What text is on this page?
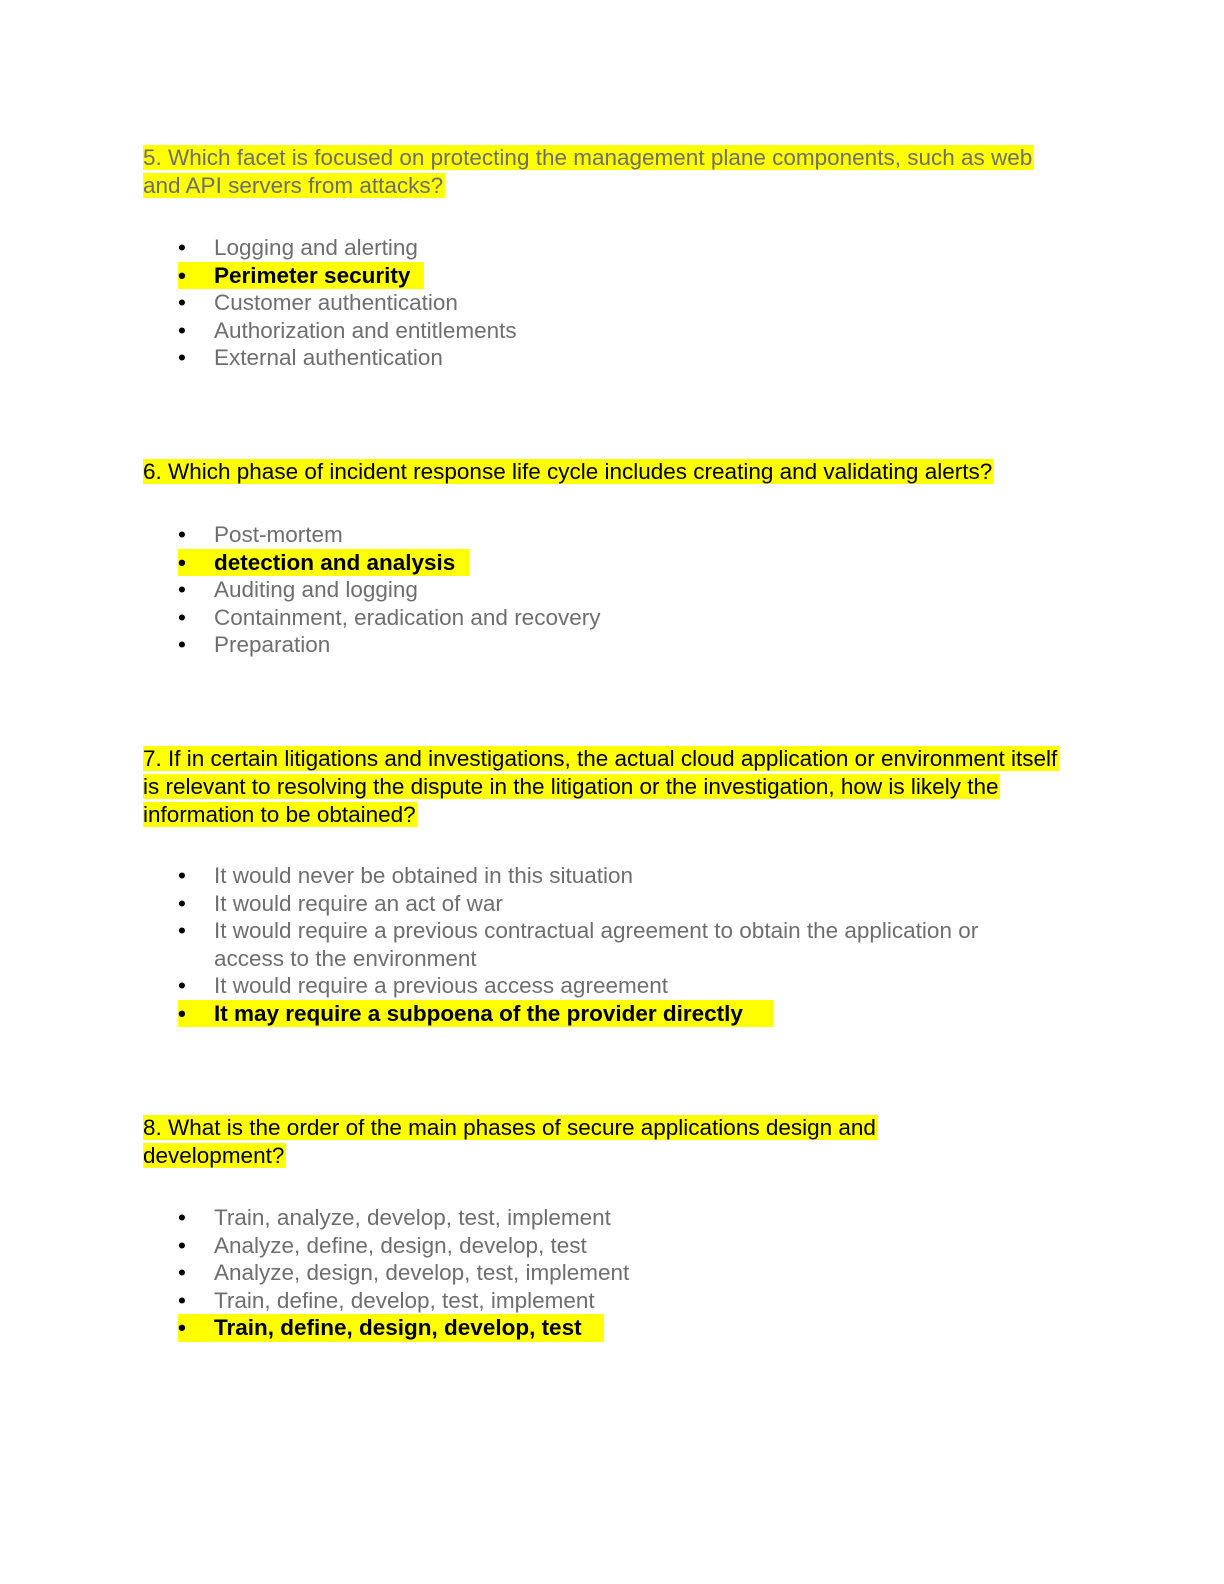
5. Which facet is focused on protecting the management plane components, such as web and API servers from attacks?

• Logging and alerting
• Perimeter security
• Customer authentication
• Authorization and entitlements
• External authentication

6. Which phase of incident response life cycle includes creating and validating alerts?

• Post-mortem
• detection and analysis
• Auditing and logging
• Containment, eradication and recovery
• Preparation

7. If in certain litigations and investigations, the actual cloud application or environment itself is relevant to resolving the dispute in the litigation or the investigation, how is likely the information to be obtained?

• It would never be obtained in this situation
• It would require an act of war
• It would require a previous contractual agreement to obtain the application or access to the environment
• It would require a previous access agreement
• It may require a subpoena of the provider directly

8. What is the order of the main phases of secure applications design and development?

• Train, analyze, develop, test, implement
• Analyze, define, design, develop, test
• Analyze, design, develop, test, implement
• Train, define, develop, test, implement
• Train, define, design, develop, test
